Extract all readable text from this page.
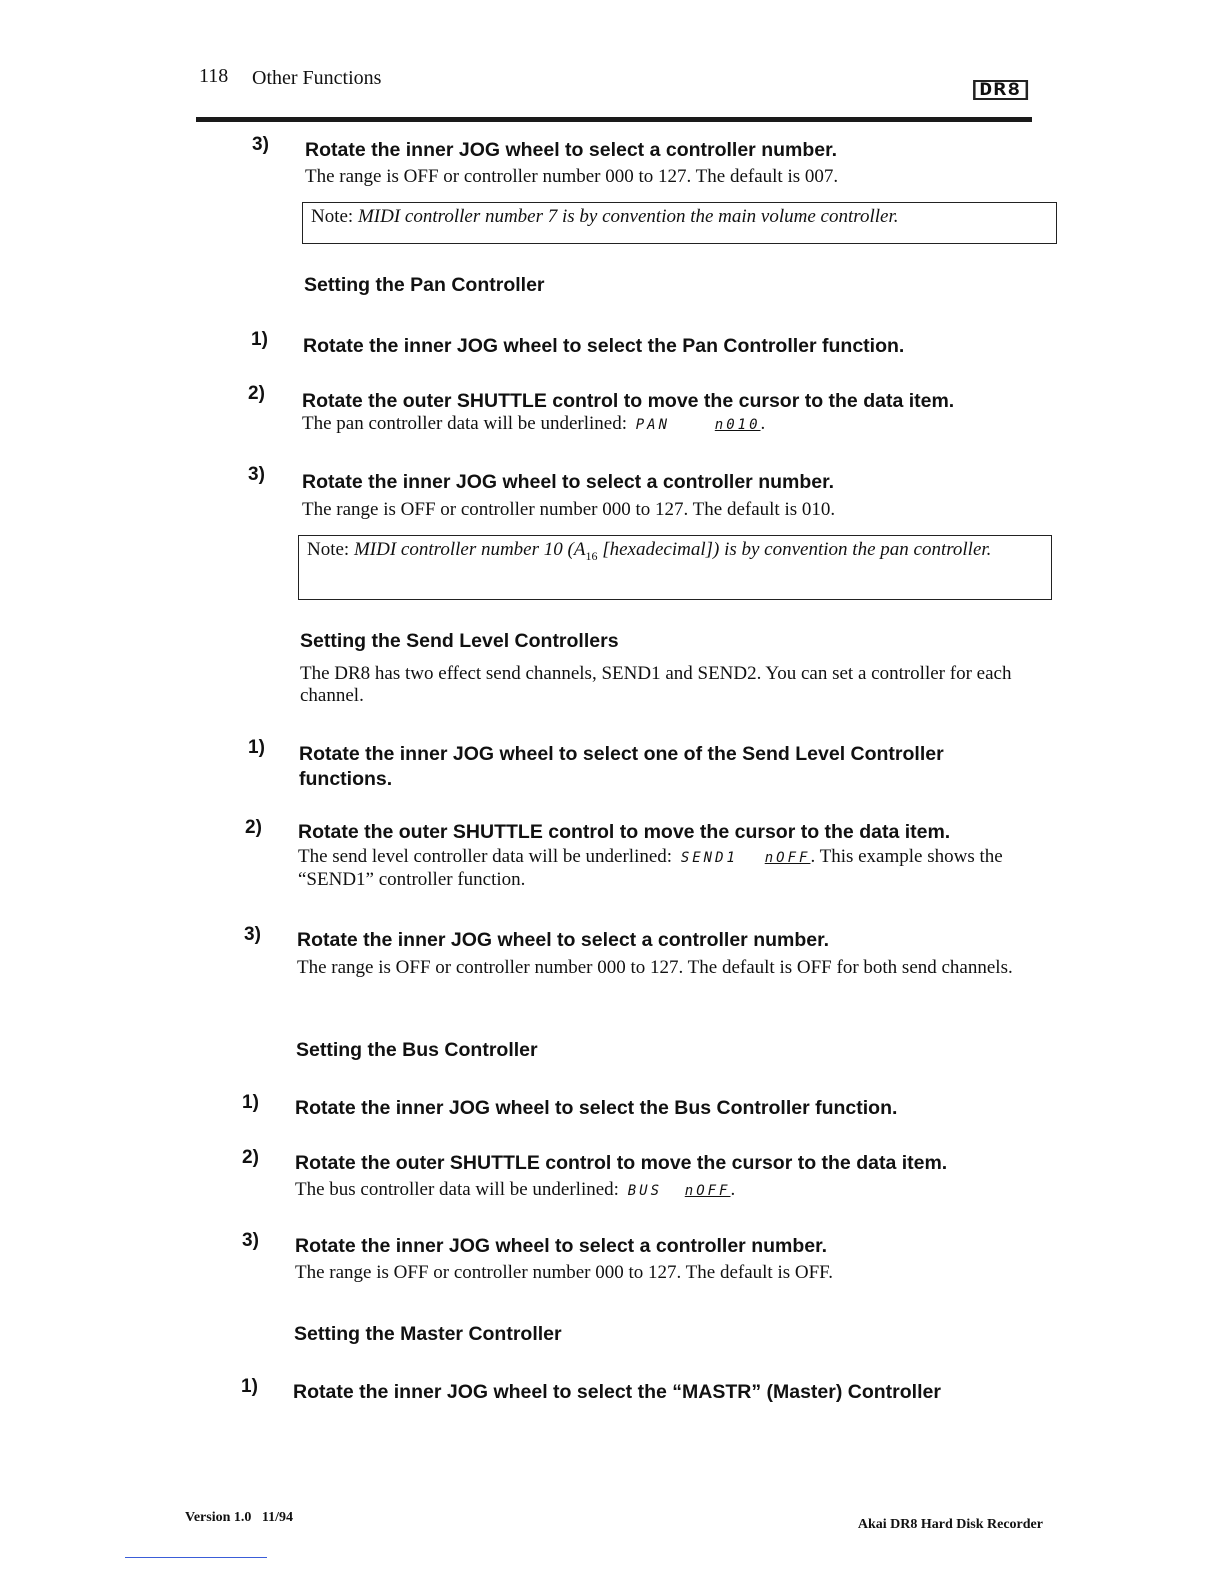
118 Other Functions
DR8
3) Rotate the inner JOG wheel to select a controller number.
The range is OFF or controller number 000 to 127. The default is 007.
Note: MIDI controller number 7 is by convention the main volume controller.
Setting the Pan Controller
1) Rotate the inner JOG wheel to select the Pan Controller function.
2) Rotate the outer SHUTTLE control to move the cursor to the data item.
The pan controller data will be underlined: PAN	n010.
3) Rotate the inner JOG wheel to select a controller number.
The range is OFF or controller number 000 to 127. The default is 010.
Note: MIDI controller number 10 ($A_{16}$ [hexadecimal]) is by convention the pan controller.
Setting the Send Level Controllers
The DR8 has two effect send channels, SEND1 and SEND2. You can set a controller for each channel.
1) Rotate the inner JOG wheel to select one of the Send Level Controller functions.
2) Rotate the outer SHUTTLE control to move the cursor to the data item.
The send level controller data will be underlined: SEND1 nOFF. This example shows the “SEND1” controller function.
3) Rotate the inner JOG wheel to select a controller number.
The range is OFF or controller number 000 to 127. The default is OFF for both send channels.
Setting the Bus Controller
1) Rotate the inner JOG wheel to select the Bus Controller function.
2) Rotate the outer SHUTTLE control to move the cursor to the data item.
The bus controller data will be underlined: BUS nOFF.
3) Rotate the inner JOG wheel to select a controller number.
The range is OFF or controller number 000 to 127. The default is OFF.
Setting the Master Controller
1) Rotate the inner JOG wheel to select the “MASTR” (Master) Controller
Version 1.0   11/94	Akai DR8 Hard Disk Recorder
